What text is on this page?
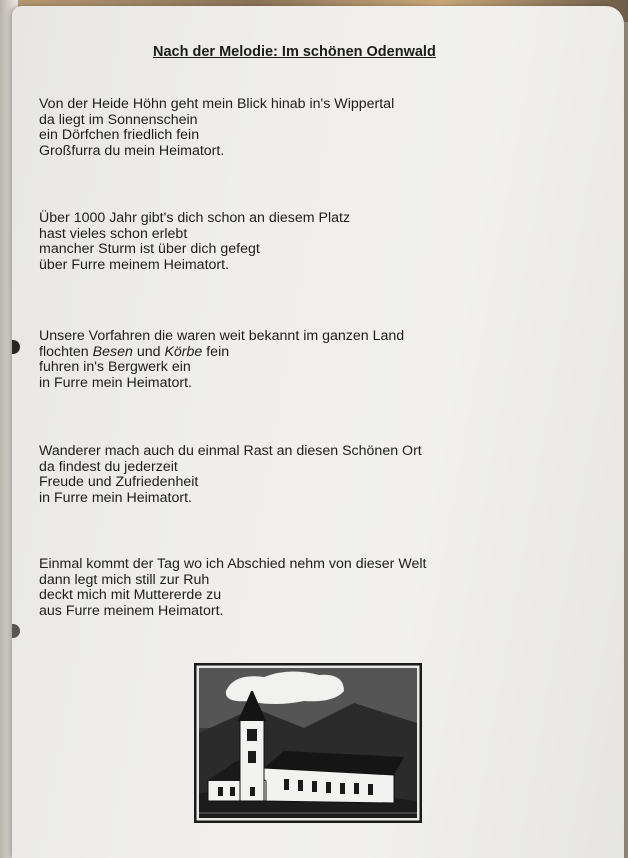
Nach der Melodie: Im schönen Odenwald
Von der Heide Höhn geht mein Blick hinab in's Wippertal
da liegt im Sonnenschein
ein Dörfchen friedlich fein
Großfurra du mein Heimatort.
Über 1000 Jahr gibt's dich schon an diesem Platz
hast vieles schon erlebt
mancher Sturm ist über dich gefegt
über Furre meinem Heimatort.
Unsere Vorfahren die waren weit bekannt im ganzen Land
flochten Besen und Körbe fein
fuhren in's Bergwerk ein
in Furre mein Heimatort.
Wanderer mach auch du einmal Rast an diesen Schönen Ort
da findest du jederzeit
Freude und Zufriedenheit
in Furre mein Heimatort.
Einmal kommt der Tag wo ich Abschied nehm von dieser Welt
dann legt mich still zur Ruh
deckt mich mit Muttererde zu
aus Furre meinem Heimatort.
